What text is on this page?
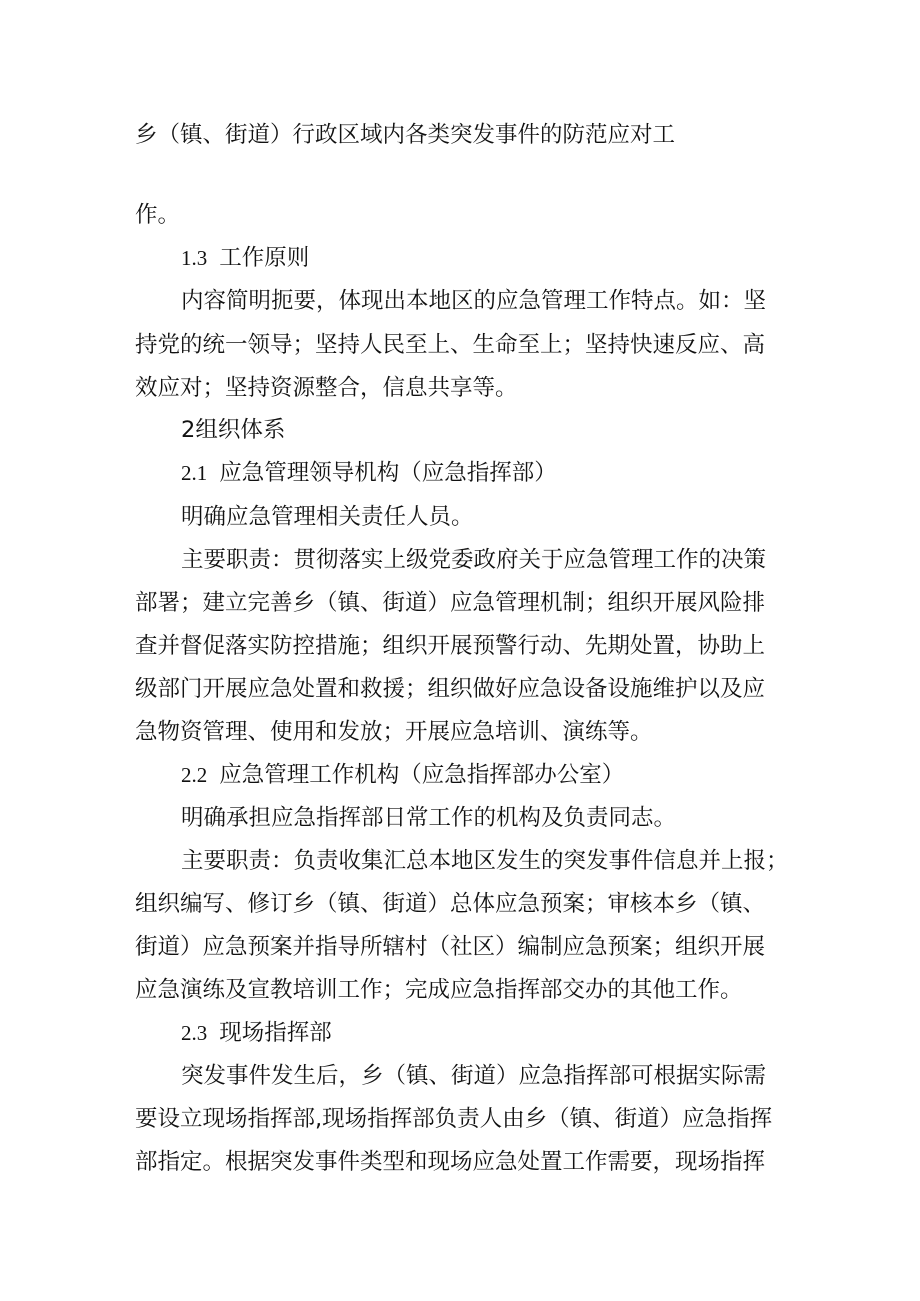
乡（镇、街道）行政区域内各类突发事件的防范应对工
作。
1.3 工作原则
内容简明扼要，体现出本地区的应急管理工作特点。如：坚
持党的统一领导；坚持人民至上、生命至上；坚持快速反应、高
效应对；坚持资源整合，信息共享等。
2组织体系
2.1 应急管理领导机构（应急指挥部）
明确应急管理相关责任人员。
主要职责：贯彻落实上级党委政府关于应急管理工作的决策
部署；建立完善乡（镇、街道）应急管理机制；组织开展风险排
查并督促落实防控措施；组织开展预警行动、先期处置，协助上
级部门开展应急处置和救援；组织做好应急设备设施维护以及应
急物资管理、使用和发放；开展应急培训、演练等。
2.2 应急管理工作机构（应急指挥部办公室）
明确承担应急指挥部日常工作的机构及负责同志。
主要职责：负责收集汇总本地区发生的突发事件信息并上报；
组织编写、修订乡（镇、街道）总体应急预案；审核本乡（镇、
街道）应急预案并指导所辖村（社区）编制应急预案；组织开展
应急演练及宣教培训工作；完成应急指挥部交办的其他工作。
2.3 现场指挥部
突发事件发生后，乡（镇、街道）应急指挥部可根据实际需
要设立现场指挥部,现场指挥部负责人由乡（镇、街道）应急指挥
部指定。根据突发事件类型和现场应急处置工作需要，现场指挥
